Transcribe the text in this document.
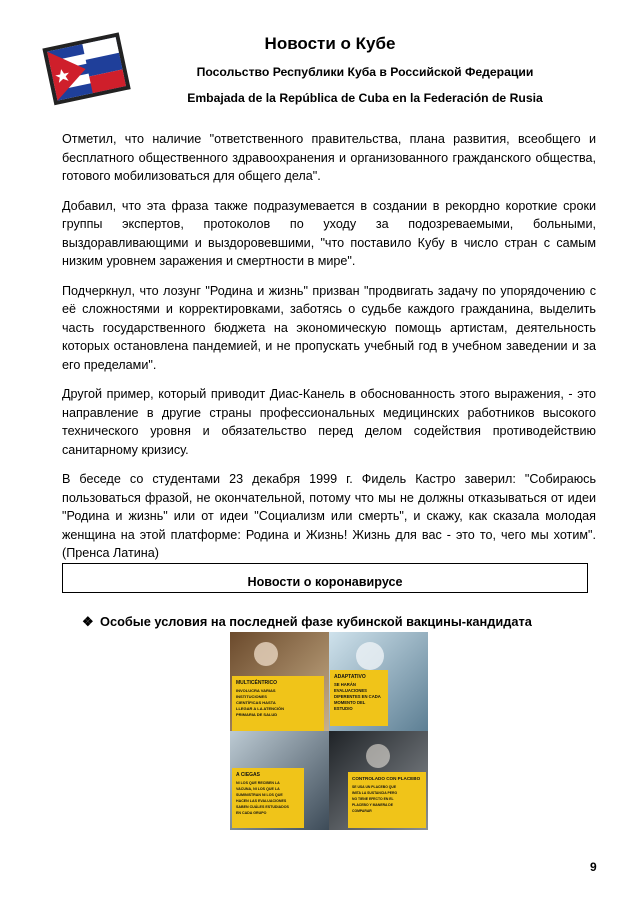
Новости о Кубе
Посольство Республики Куба в Российской Федерации
Embajada de la República de Cuba en la Federación de Rusia

Отметил, что наличие "ответственного правительства, плана развития, всеобщего и бесплатного общественного здравоохранения и организованного гражданского общества, готового мобилизоваться для общего дела".

Добавил, что эта фраза также подразумевается в создании в рекордно короткие сроки группы экспертов, протоколов по уходу за подозреваемыми, больными, выздоравливающими и выздоровевшими, "что поставило Кубу в число стран с самым низким уровнем заражения и смертности в мире".

Подчеркнул, что лозунг "Родина и жизнь" призван "продвигать задачу по упорядочению с её сложностями и корректировками, заботясь о судьбе каждого гражданина, выделить часть государственного бюджета на экономическую помощь артистам, деятельность которых остановлена пандемией, и не пропускать учебный год в учебном заведении и за его пределами".

Другой пример, который приводит Диас-Канель в обоснованность этого выражения, - это направление в другие страны профессиональных медицинских работников высокого технического уровня и обязательство перед делом содействия противодействию санитарному кризису.

В беседе со студентами 23 декабря 1999 г. Фидель Кастро заверил: "Собираюсь пользоваться фразой, не окончательной, потому что мы не должны отказываться от идеи "Родина и жизнь" или от идеи "Социализм или смерть", и скажу, как сказала молодая женщина на этой платформе: Родина и Жизнь! Жизнь для вас - это то, чего мы хотим". (Пренса Латина)

Новости о коронавирусе
❖ Особые условия на последней фазе кубинской вакцины-кандидата
MULTICÉNTRICO
INVOLUCRA VARIAS
INSTITUCIONES
CIENTÍFICAS HASTA
LLEGAR A LA ATENCIÓN
PRIMARIA DE SALUD
ADAPTATIVO
SE HARÁN
EVALUACIONES
DIFERENTES EN CADA
MOMENTO DEL
ESTUDIO
A CIEGAS
NI LOS QUE RECIBEN LA
VACUNA, NI LOS QUE LA
SUMINISTRAN NI LOS QUE
HACEN LAS EVALUACIONES
SABEN CUÁLES ESTUDIADOS
EN CADA GRUPO
CONTROLADO CON PLACEBO
SE USA UN PLACEBO QUE
IMITA LA SUSTANCIA PERO
NO TIENE EFECTO EN EL
PLACEBO Y MANERA DE
COMPARAR
9
